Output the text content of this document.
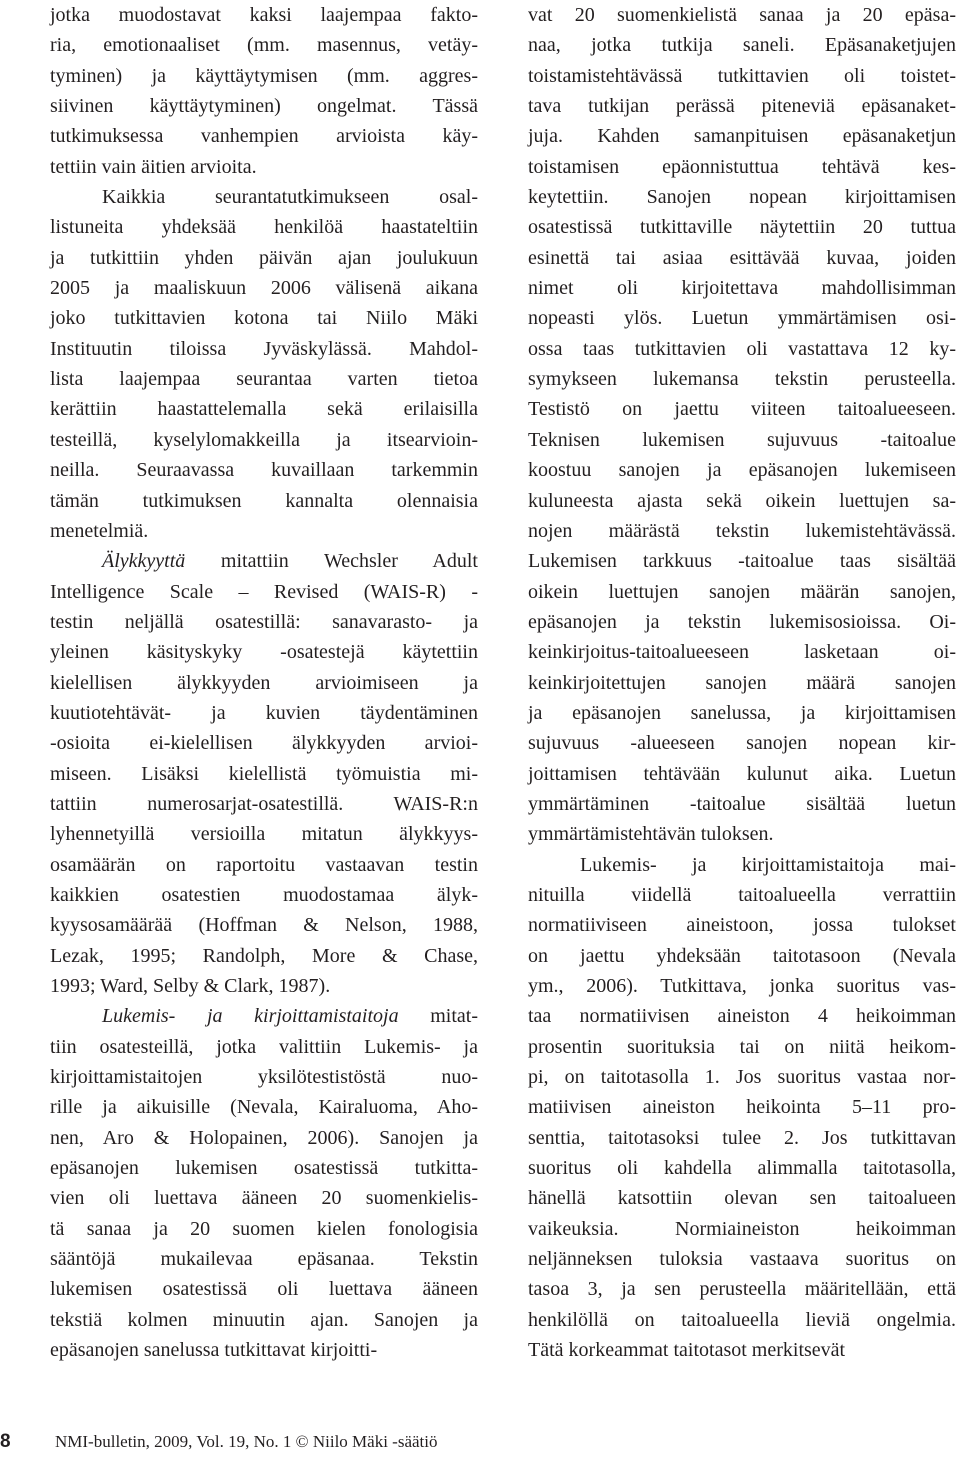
jotka muodostavat kaksi laajempaa fakto-
ria, emotionaaliset (mm. masennus, vetäy-
tyminen) ja käyttäytymisen (mm. aggres-
siivinen käyttäytyminen) ongelmat. Tässä
tutkimuksessa vanhempien arvioista käy-
tettiin vain äitien arvioita.
Kaikkia seurantatutkimukseen osal-
listuneita yhdeksää henkilöä haastateltiin
ja tutkittiin yhden päivän ajan joulukuun
2005 ja maaliskuun 2006 välisenä aikana
joko tutkittavien kotona tai Niilo Mäki
Instituutin tiloissa Jyväskylässä. Mahdol-
lista laajempaa seurantaa varten tietoa
kerättiin haastattelemalla sekä erilaisilla
testeillä, kyselylomakkeilla ja itsearvioin-
neilla. Seuraavassa kuvaillaan tarkemmin
tämän tutkimuksen kannalta olennaisia
menetelmiä.
Älykkyyttä mitattiin Wechsler Adult
Intelligence Scale – Revised (WAIS-R) -
testin neljällä osatestillä: sanavarasto- ja
yleinen käsityskyky -osatestejä käytettiin
kielellisen älykkyyden arvioimiseen ja
kuutiotehtävät- ja kuvien täydentäminen
-osioita ei-kielellisen älykkyyden arvioi-
miseen. Lisäksi kielellistä työmuistia mi-
tattiin numerosarjat-osatestillä. WAIS-R:n
lyhennetyillä versioilla mitatun älykkyys-
osamäärän on raportoitu vastaavan testin
kaikkien osatestien muodostamaa älyk-
kyysosamäärää (Hoffman & Nelson, 1988,
Lezak, 1995; Randolph, More & Chase,
1993; Ward, Selby & Clark, 1987).
Lukemis- ja kirjoittamistaitoja mitat-
tiin osatesteillä, jotka valittiin Lukemis- ja
kirjoittamistaitojen yksilötestistöstä nuo-
rille ja aikuisille (Nevala, Kairaluoma, Aho-
nen, Aro & Holopainen, 2006). Sanojen ja
epäsanojen lukemisen osatestissä tutkitta-
vien oli luettava ääneen 20 suomenkielis-
tä sanaa ja 20 suomen kielen fonologisia
sääntöjä mukailevaa epäsanaa. Tekstin
lukemisen osatestissä oli luettava ääneen
tekstiä kolmen minuutin ajan. Sanojen ja
epäsanojen sanelussa tutkittavat kirjoitti-
vat 20 suomenkielistä sanaa ja 20 epäsa-
naa, jotka tutkija saneli. Epäsanaketjujen
toistamistehtävässä tutkittavien oli toistet-
tava tutkijan perässä piteneviä epäsanaket-
juja. Kahden samanpituisen epäsanaketjun
toistamisen epäonnistuttua tehtävä kes-
keytettiin. Sanojen nopean kirjoittamisen
osatestissä tutkittaville näytettiin 20 tuttua
esinettä tai asiaa esittävää kuvaa, joiden
nimet oli kirjoitettava mahdollisimman
nopeasti ylös. Luetun ymmärtämisen osi-
ossa taas tutkittavien oli vastattava 12 ky-
symykseen lukemansa tekstin perusteella.
Testistö on jaettu viiteen taitoalueeseen.
Teknisen lukemisen sujuvuus -taitoalue
koostuu sanojen ja epäsanojen lukemiseen
kuluneesta ajasta sekä oikein luettujen sa-
nojen määrästä tekstin lukemistehtävässä.
Lukemisen tarkkuus -taitoalue taas sisältää
oikein luettujen sanojen määrän sanojen,
epäsanojen ja tekstin lukemisosioissa. Oi-
keinkirjoitus-taitoalueeseen lasketaan oi-
keinkirjoitettujen sanojen määrä sanojen
ja epäsanojen sanelussa, ja kirjoittamisen
sujuvuus -alueeseen sanojen nopean kir-
joittamisen tehtävään kulunut aika. Luetun
ymmärtäminen -taitoalue sisältää luetun
ymmärtämistehtävän tuloksen.
Lukemis- ja kirjoittamistaitoja mai-
nituilla viidellä taitoalueella verrattiin
normatiiviseen aineistoon, jossa tulokset
on jaettu yhdeksään taitotasoon (Nevala
ym., 2006). Tutkittava, jonka suoritus vas-
taa normatiivisen aineiston 4 heikoimman
prosentin suorituksia tai on niitä heikom-
pi, on taitotasolla 1. Jos suoritus vastaa nor-
matiivisen aineiston heikointa 5–11 pro-
senttia, taitotasoksi tulee 2. Jos tutkittavan
suoritus oli kahdella alimmalla taitotasolla,
hänellä katsottiin olevan sen taitoalueen
vaikeuksia. Normiaineiston heikoimman
neljänneksen tuloksia vastaava suoritus on
tasoa 3, ja sen perusteella määritellään, että
henkilöllä on taitoalueella lieviä ongelmia.
Tätä korkeammat taitotasot merkitsevät
8	NMI-bulletin, 2009, Vol. 19, No. 1 © Niilo Mäki -säätiö
